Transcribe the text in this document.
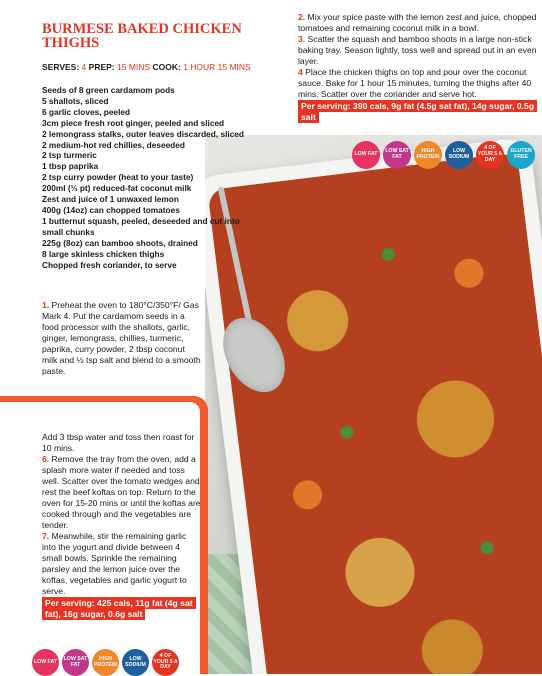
BURMESE BAKED CHICKEN THIGHS
SERVES: 4 PREP: 15 MINS COOK: 1 HOUR 15 MINS
Seeds of 8 green cardamom pods
5 shallots, sliced
6 garlic cloves, peeled
3cm piece fresh root ginger, peeled and sliced
2 lemongrass stalks, outer leaves discarded, sliced
2 medium-hot red chillies, deseeded
2 tsp turmeric
1 tbsp paprika
2 tsp curry powder (heat to your taste)
200ml (⅓ pt) reduced-fat coconut milk
Zest and juice of 1 unwaxed lemon
400g (14oz) can chopped tomatoes
1 butternut squash, peeled, deseeded and cut into small chunks
225g (8oz) can bamboo shoots, drained
8 large skinless chicken thighs
Chopped fresh coriander, to serve
1. Preheat the oven to 180°C/350°F/ Gas Mark 4. Put the cardamom seeds in a food processor with the shallots, garlic, ginger, lemongrass, chillies, turmeric, paprika, curry powder, 2 tbsp coconut milk and ½ tsp salt and blend to a smooth paste.

2. Mix your spice paste with the lemon zest and juice, chopped tomatoes and remaining coconut milk in a bowl.

3. Scatter the squash and bamboo shoots in a large non-stick baking tray. Season lightly, toss well and spread out in an even layer.

4 Place the chicken thighs on top and pour over the coconut sauce. Bake for 1 hour 15 minutes, turning the thighs after 40 mins. Scatter over the coriander and serve hot.

Per serving: 390 cals, 9g fat (4.5g sat fat), 14g sugar, 0.5g salt

LOW FAT	LOW SAT FAT
HIGH PROTEIN
LOW SODIUM
4 OF YOUR 5 A DAY
GLUTEN FREE

Add 3 tbsp water and toss then roast for 10 mins.

6. Remove the tray from the oven, add a splash more water if needed and toss well. Scatter over the tomato wedges and rest the beef koftas on top. Return to the oven for 15-20 mins or until the koftas are cooked through and the vegetables are tender.

7. Meanwhile, stir the remaining garlic into the yogurt and divide between 4 small bowls. Sprinkle the remaining parsley and the lemon juice over the koftas, vegetables and garlic yogurt to serve.

Per serving: 425 cals, 11g fat (4g sat fat), 16g sugar, 0.6g salt

LOW FAT	LOW SAT FAT
HIGH PROTEIN
LOW SODIUM
4 OF YOUR 5 A DAY
